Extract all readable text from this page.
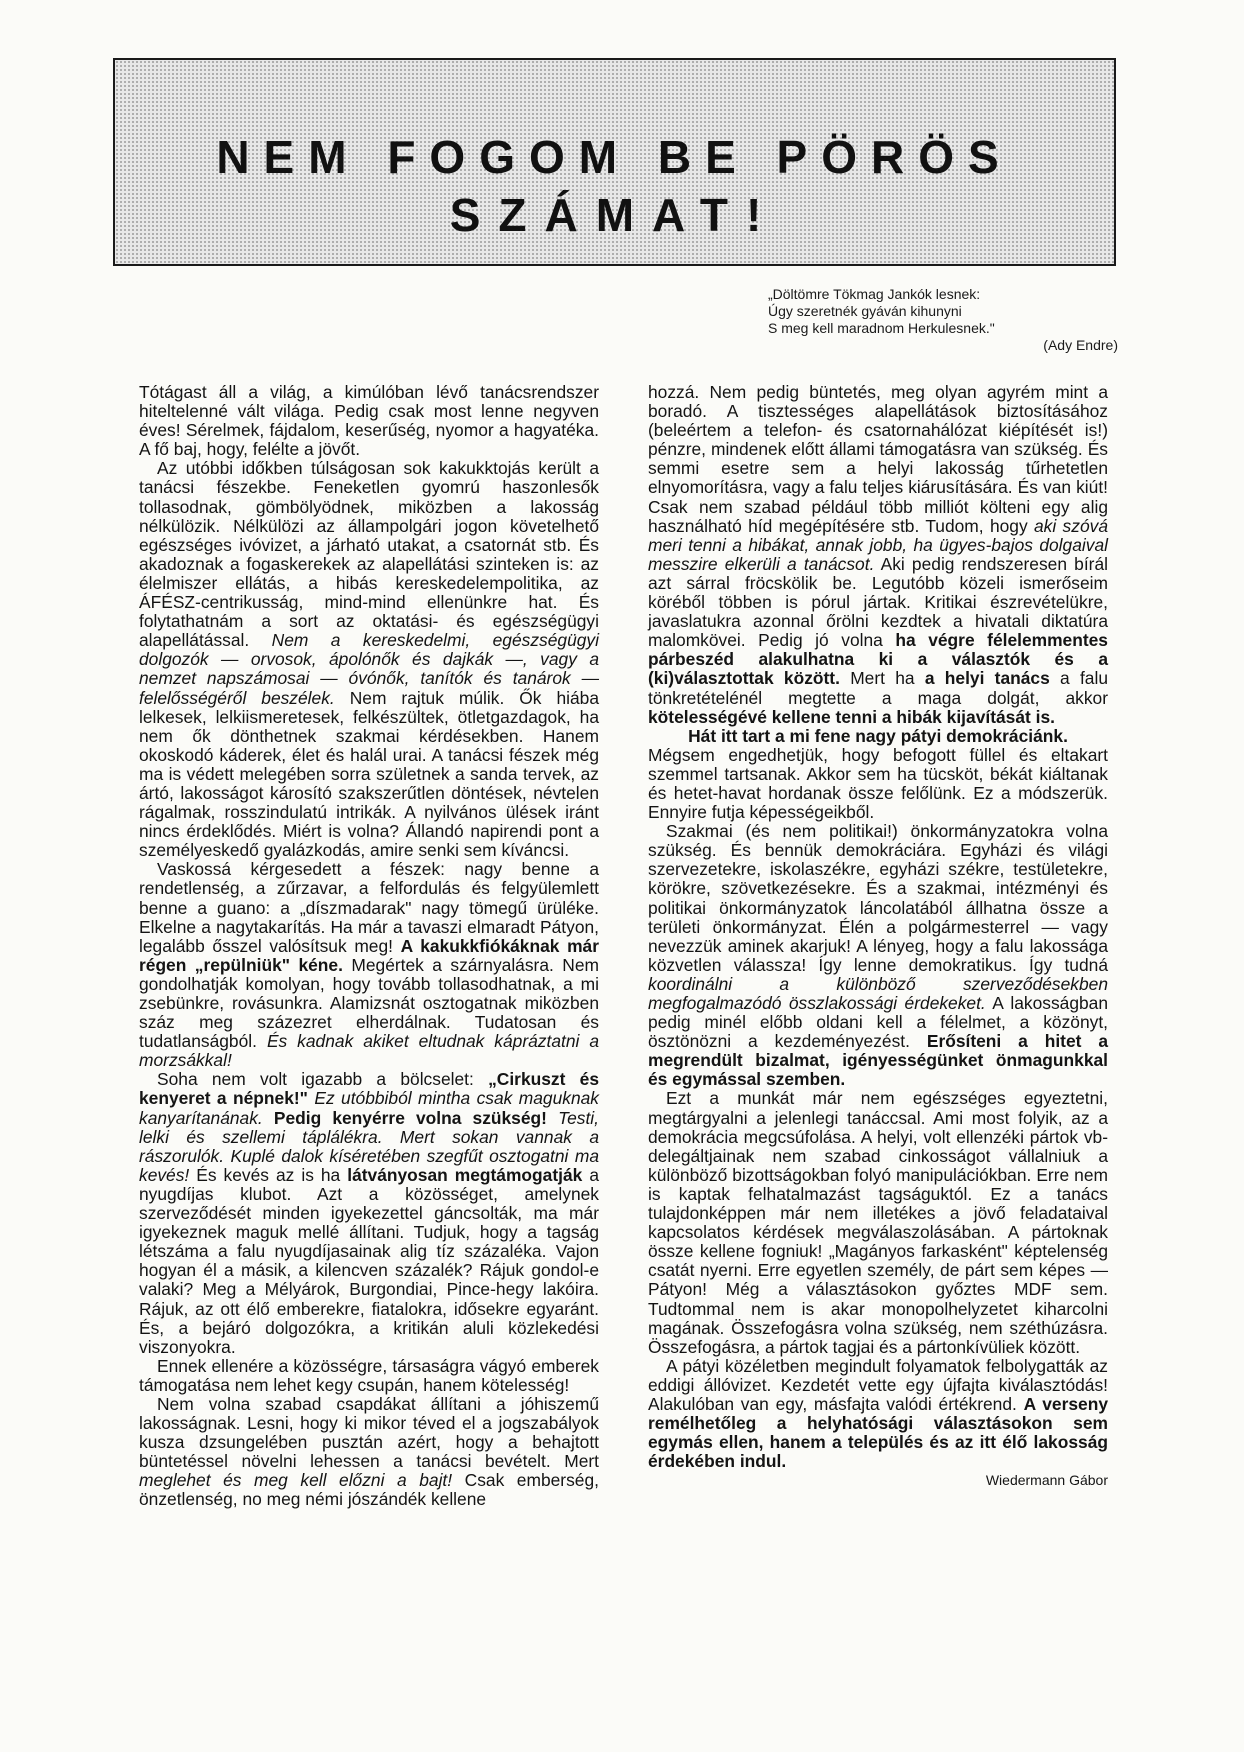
NEM FOGOM BE PÖRÖS
SZÁMAT!
„Döltömre Tökmag Jankók lesnek:
Úgy szeretnék gyáván kihunyni
S meg kell maradnom Herkulesnek."
(Ady Endre)

Tótágast áll a világ, a kimúlóban lévő tanácsrendszer hiteltelenné vált világa. Pedig csak most lenne negyven éves! Sérelmek, fájdalom, keserűség, nyomor a hagyatéka. A fő baj, hogy, felélte a jövőt.

Az utóbbi időkben túlságosan sok kakukktojás került a tanácsi fészekbe. Feneketlen gyomrú haszonlesők tollasodnak, gömbölyödnek, miközben a lakosság nélkülözik. Nélkülözi az állampolgári jogon követelhető egészséges ivóvizet, a járható utakat, a csatornát stb. És akadoznak a fogaskerekek az alapellátási szinteken is: az élelmiszer ellátás, a hibás kereskedelempolitika, az ÁFÉSZ-centrikusság, mind-mind ellenünkre hat. És folytathatnám a sort az oktatási- és egészségügyi alapellátással. Nem a kereskedelmi, egészségügyi dolgozók — orvosok, ápolónők és dajkák —, vagy a nemzet napszámosai — óvónők, tanítók és tanárok — felelősségéről beszélek. Nem rajtuk múlik. Ők hiába lelkesek, lelkiismeretesek, felkészültek, ötletgazdagok, ha nem ők dönthetnek szakmai kérdésekben. Hanem okoskodó káderek, élet és halál urai. A tanácsi fészek még ma is védett melegében sorra születnek a sanda tervek, az ártó, lakosságot károsító szakszerűtlen döntések, névtelen rágalmak, rosszindulatú intrikák. A nyilvános ülések iránt nincs érdeklődés. Miért is volna? Állandó napirendi pont a személyeskedő gyalázkodás, amire senki sem kíváncsi.

Vaskossá kérgesedett a fészek: nagy benne a rendetlenség, a zűrzavar, a felfordulás és felgyülemlett benne a guano: a „díszmadarak" nagy tömegű ürüléke. Elkelne a nagytakarítás. Ha már a tavaszi elmaradt Pátyon, legalább ősszel valósítsuk meg! A kakukkfiókáknak már régen „repülniük" kéne. Megértek a szárnyalásra. Nem gondolhatják komolyan, hogy tovább tollasodhatnak, a mi zsebünkre, rovásunkra. Alamizsnát osztogatnak miközben száz meg százezret elherdálnak. Tudatosan és tudatlanságból. És kadnak akiket eltudnak kápráztatni a morzsákkal!

Soha nem volt igazabb a bölcselet: „Cirkuszt és kenyeret a népnek!" Ez utóbbiból mintha csak maguknak kanyarítanának. Pedig kenyérre volna szükség! Testi, lelki és szellemi táplálékra. Mert sokan vannak a rászorulók. Kuplé dalok kíséretében szegfűt osztogatni ma kevés! És kevés az is ha látványosan megtámogatják a nyugdíjas klubot. Azt a közösséget, amelynek szerveződését minden igyekezettel gáncsolták, ma már igyekeznek maguk mellé állítani. Tudjuk, hogy a tagság létszáma a falu nyugdíjasainak alig tíz százaléka. Vajon hogyan él a másik, a kilencven százalék? Rájuk gondol-e valaki? Meg a Mélyárok, Burgondiai, Pince-hegy lakóira. Rájuk, az ott élő emberekre, fiatalokra, idősekre egyaránt. És, a bejáró dolgozókra, a kritikán aluli közlekedési viszonyokra.

Ennek ellenére a közösségre, társaságra vágyó emberek támogatása nem lehet kegy csupán, hanem kötelesség!

Nem volna szabad csapdákat állítani a jóhiszemű lakosságnak. Lesni, hogy ki mikor téved el a jogszabályok kusza dzsungelében pusztán azért, hogy a behajtott büntetéssel növelni lehessen a tanácsi bevételt. Mert meglehet és meg kell előzni a bajt! Csak emberség, önzetlenség, no meg némi jószándék kellene

hozzá. Nem pedig büntetés, meg olyan agyrém mint a boradó. A tisztességes alapellátások biztosításához (beleértem a telefon- és csatornahálózat kiépítését is!) pénzre, mindenek előtt állami támogatásra van szükség. És semmi esetre sem a helyi lakosság tűrhetetlen elnyomorításra, vagy a falu teljes kiárusítására. És van kiút! Csak nem szabad például több milliót költeni egy alig használható híd megépítésére stb. Tudom, hogy aki szóvá meri tenni a hibákat, annak jobb, ha ügyes-bajos dolgaival messzire elkerüli a tanácsot. Aki pedig rendszeresen bírál azt sárral fröcskölik be. Legutóbb közeli ismerőseim köréből többen is pórul jártak. Kritikai észrevételükre, javaslatukra azonnal őrölni kezdtek a hivatali diktatúra malomkövei. Pedig jó volna ha végre félelemmentes párbeszéd alakulhatna ki a választók és a (ki)választottak között. Mert ha a helyi tanács a falu tönkretételénél megtette a maga dolgát, akkor kötelességévé kellene tenni a hibák kijavítását is.

Hát itt tart a mi fene nagy pátyi demokráciánk.

Mégsem engedhetjük, hogy befogott füllel és eltakart szemmel tartsanak. Akkor sem ha tücsköt, békát kiáltanak és hetet-havat hordanak össze felőlünk. Ez a módszerük. Ennyire futja képességeikből.

Szakmai (és nem politikai!) önkormányzatokra volna szükség. És bennük demokráciára. Egyházi és világi szervezetekre, iskolaszékre, egyházi székre, testületekre, körökre, szövetkezésekre. És a szakmai, intézményi és politikai önkormányzatok láncolatából állhatna össze a területi önkormányzat. Élén a polgármesterrel — vagy nevezzük aminek akarjuk! A lényeg, hogy a falu lakossága közvetlen válassza! Így lenne demokratikus. Így tudná koordinálni a különböző szerveződésekben megfogalmazódó összlakossági érdekeket. A lakosságban pedig minél előbb oldani kell a félelmet, a közönyt, ösztönözni a kezdeményezést. Erősíteni a hitet a megrendült bizalmat, igényességünket önmagunkkal és egymással szemben.

Ezt a munkát már nem egészséges egyeztetni, megtárgyalni a jelenlegi tanáccsal. Ami most folyik, az a demokrácia megcsúfolása. A helyi, volt ellenzéki pártok vb-delegáltjainak nem szabad cinkosságot vállalniuk a különböző bizottságokban folyó manipulációkban. Erre nem is kaptak felhatalmazást tagságuktól. Ez a tanács tulajdonképpen már nem illetékes a jövő feladataival kapcsolatos kérdések megválaszolásában. A pártoknak össze kellene fogniuk! „Magányos farkasként" képtelenség csatát nyerni. Erre egyetlen személy, de párt sem képes — Pátyon! Még a választásokon győztes MDF sem. Tudtommal nem is akar monopolhelyzetet kiharcolni magának. Összefogásra volna szükség, nem széthúzásra. Összefogásra, a pártok tagjai és a pártonkívüliek között.

A pátyi közéletben megindult folyamatok felbolygatták az eddigi állóvizet. Kezdetét vette egy újfajta kiválasztódás! Alakulóban van egy, másfajta valódi értékrend. A verseny remélhetőleg a helyhatósági választásokon sem egymás ellen, hanem a település és az itt élő lakosság érdekében indul.

Wiedermann Gábor
